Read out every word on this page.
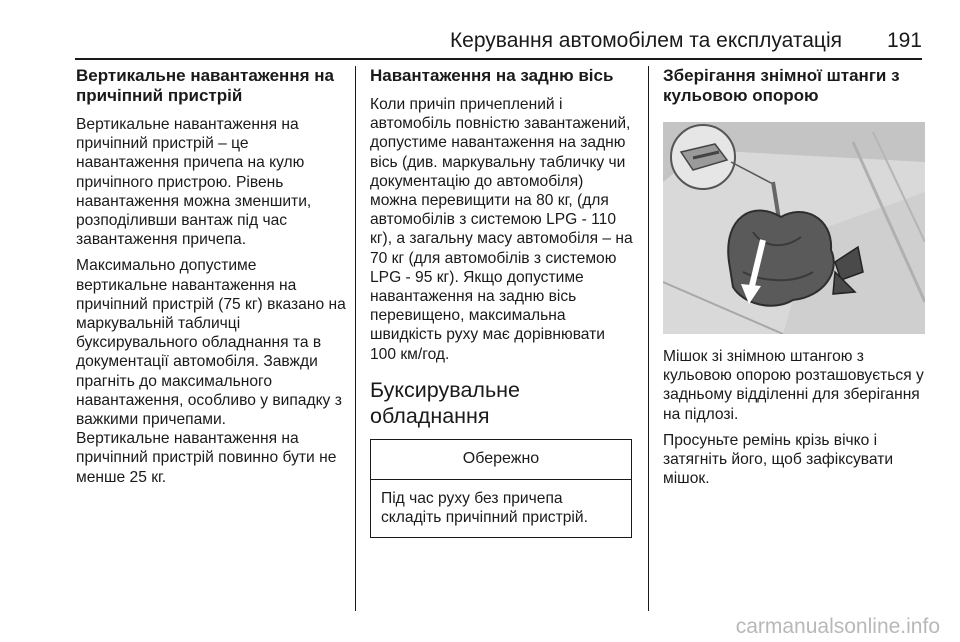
Керування автомобілем та експлуатація 191
Вертикальне навантаження на причіпний пристрій
Вертикальне навантаження на причіпний пристрій – це навантаження причепа на кулю причіпного пристрою. Рівень навантаження можна зменшити, розподіливши вантаж під час завантаження причепа.
Максимально допустиме вертикальне навантаження на причіпний пристрій (75 кг) вказано на маркувальній табличці буксирувального обладнання та в документації автомобіля. Завжди прагніть до максимального навантаження, особливо у випадку з важкими причепами.
Вертикальне навантаження на причіпний пристрій повинно бути не менше 25 кг.
Навантаження на задню вісь
Коли причіп причеплений і автомобіль повністю завантажений, допустиме навантаження на задню вісь (див. маркувальну табличку чи документацію до автомобіля) можна перевищити на 80 кг, (для автомобілів з системою LPG - 110 кг), а загальну масу автомобіля – на 70 кг (для автомобілів з системою LPG - 95 кг). Якщо допустиме навантаження на задню вісь перевищено, максимальна швидкість руху має дорівнювати 100 км/год.
Буксирувальне обладнання
Обережно
Під час руху без причепа складіть причіпний пристрій.
Зберігання знімної штанги з кульовою опорою
Мішок зі знімною штангою з кульовою опорою розташовується у задньому відділенні для зберігання на підлозі.
Просуньте ремінь крізь вічко і затягніть його, щоб зафіксувати мішок.
carmanualsonline.info
